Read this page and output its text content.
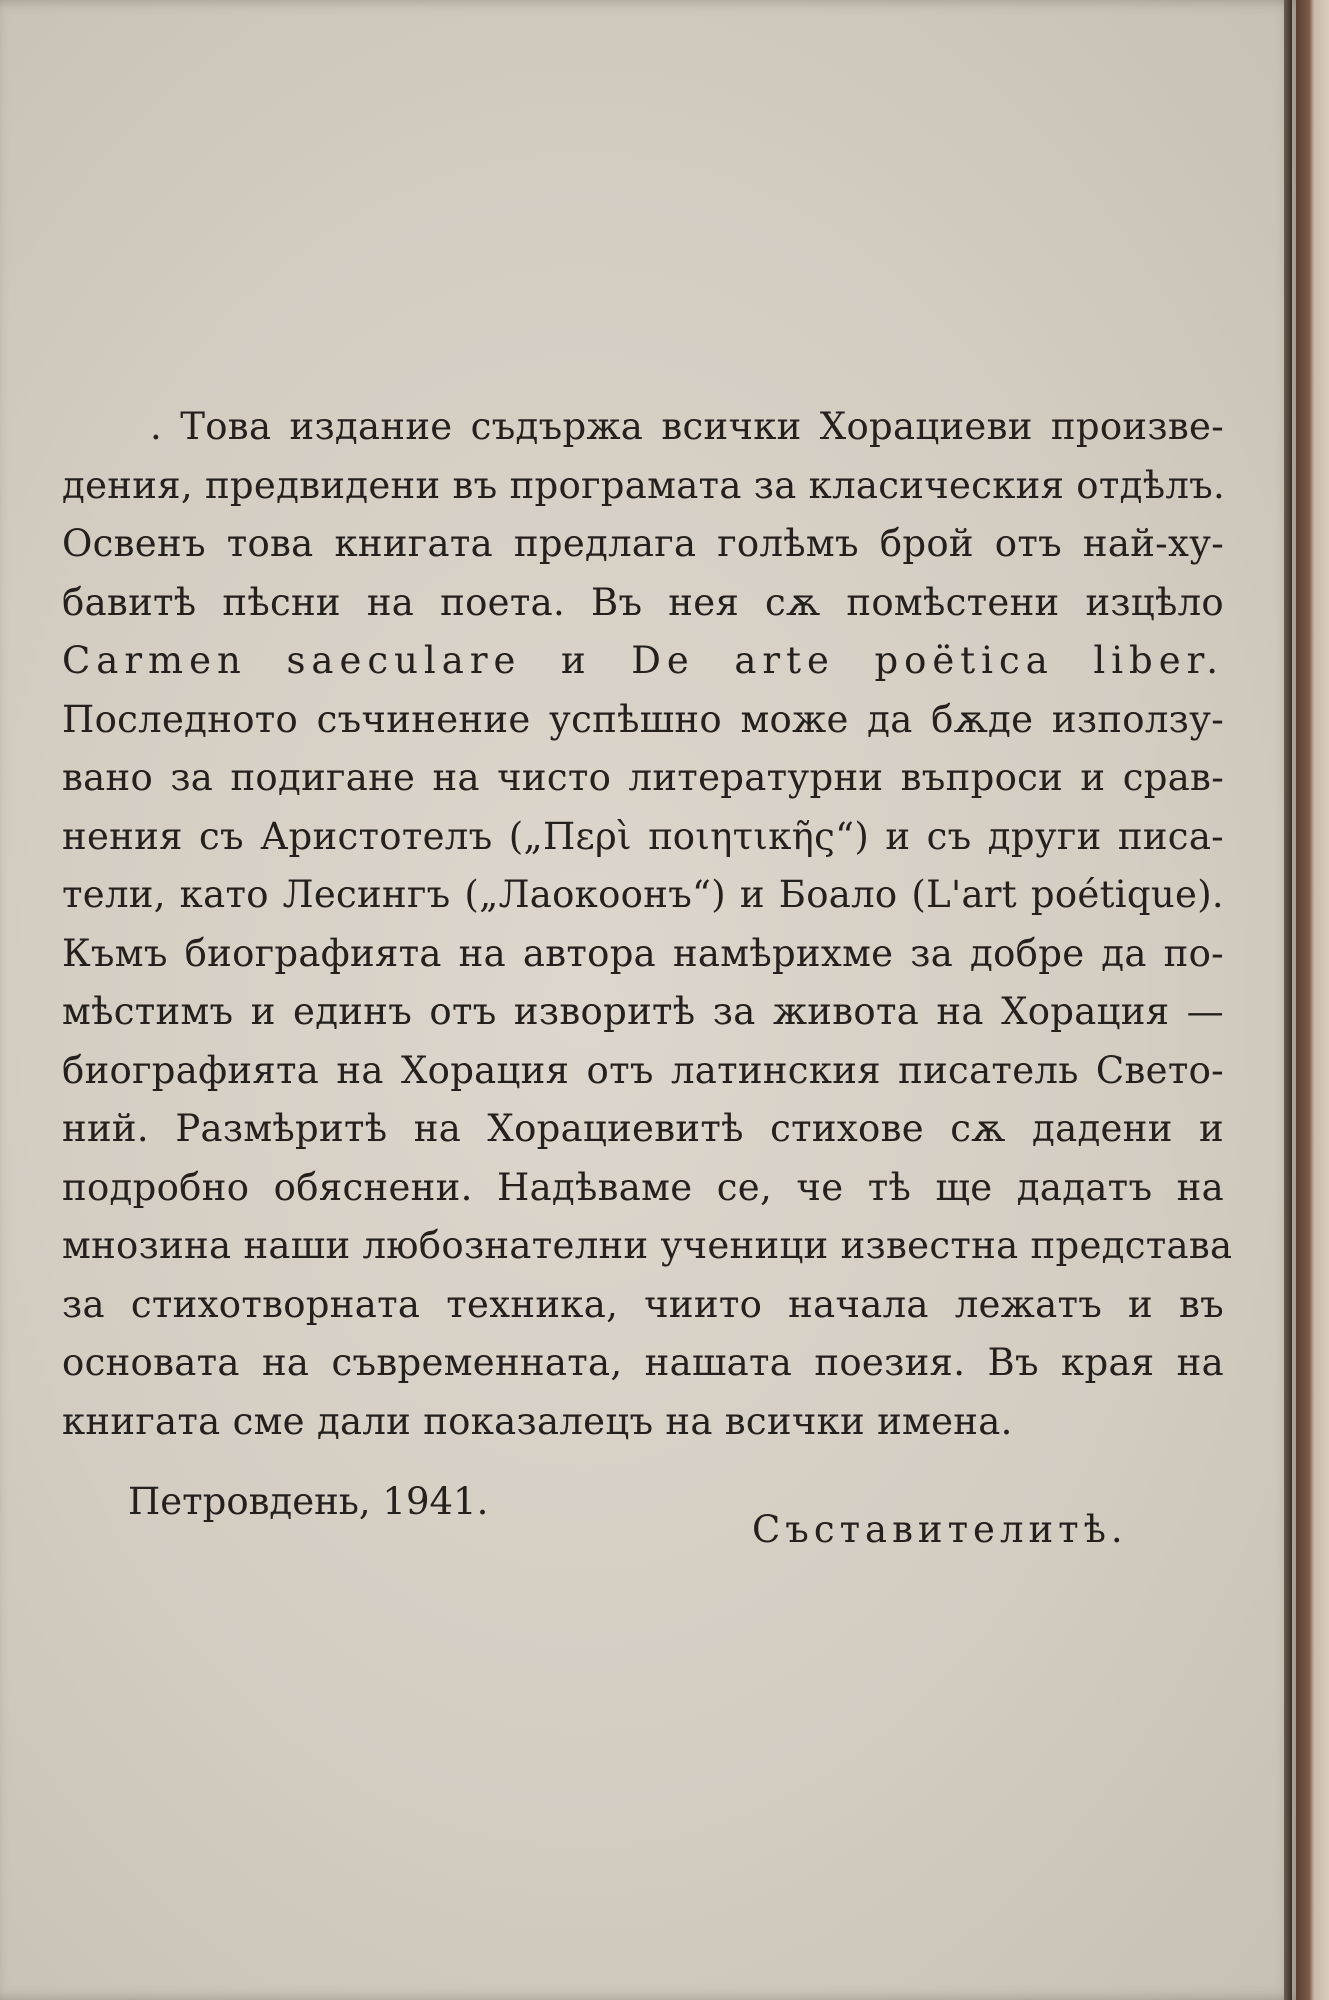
. Това издание съдържа всички Хорациеви произве-
дения, предвидени въ програмата за класическия отдѣлъ.
Освенъ това книгата предлага голѣмъ брой отъ най-ху-
бавитѣ пѣсни на поета. Въ нея сѫ помѣстени изцѣло
Carmen saeculare и De arte poëtica liber.
Последното съчинение успѣшно може да бѫде използу-
вано за подигане на чисто литературни въпроси и срав-
нения съ Аристотелъ („Περὶ ποιητικῆς“) и съ други писа-
тели, като Лесингъ („Лаокоонъ“) и Боало (L'art poétique).
Къмъ биографията на автора намѣрихме за добре да по-
мѣстимъ и единъ отъ изворитѣ за живота на Хорация —
биографията на Хорация отъ латинския писатель Свето-
ний. Размѣритѣ на Хорациевитѣ стихове сѫ дадени и
подробно обяснени. Надѣваме се, че тѣ ще дадатъ на
мнозина наши любознателни ученици известна представа
за стихотворната техника, чиито начала лежатъ и въ
основата на съвременната, нашата поезия. Въ края на
книгата сме дали показалецъ на всички имена.
Петровдень, 1941.
Съставителитѣ.
